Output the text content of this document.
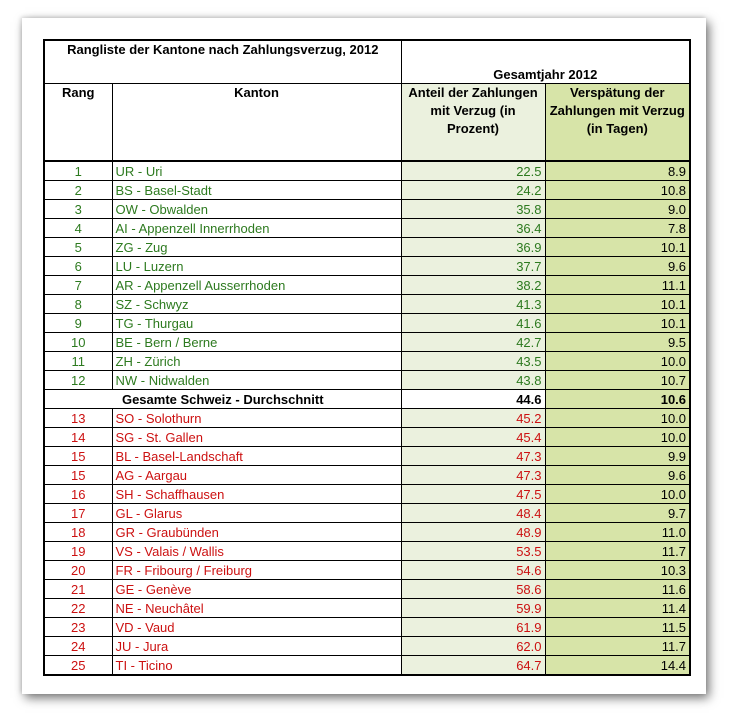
Rangliste der Kantone nach Zahlungsverzug, 2012		Gesamtjahr 2012	
Rang	Kanton	Anteil der Zahlungen mit Verzug (in Prozent)	Verspätung der Zahlungen mit Verzug (in Tagen)
1	UR - Uri	22.5	8.9
2	BS - Basel-Stadt	24.2	10.8
3	OW - Obwalden	35.8	9.0
4	AI - Appenzell Innerrhoden	36.4	7.8
5	ZG - Zug	36.9	10.1
6	LU - Luzern	37.7	9.6
7	AR - Appenzell Ausserrhoden	38.2	11.1
8	SZ - Schwyz	41.3	10.1
9	TG - Thurgau	41.6	10.1
10	BE - Bern / Berne	42.7	9.5
11	ZH - Zürich	43.5	10.0
12	NW - Nidwalden	43.8	10.7
Gesamte Schweiz - Durchschnitt		44.6	10.6
13	SO - Solothurn	45.2	10.0
14	SG - St. Gallen	45.4	10.0
15	BL - Basel-Landschaft	47.3	9.9
15	AG - Aargau	47.3	9.6
16	SH - Schaffhausen	47.5	10.0
17	GL - Glarus	48.4	9.7
18	GR - Graubünden	48.9	11.0
19	VS - Valais / Wallis	53.5	11.7
20	FR - Fribourg / Freiburg	54.6	10.3
21	GE - Genève	58.6	11.6
22	NE - Neuchâtel	59.9	11.4
23	VD - Vaud	61.9	11.5
24	JU - Jura	62.0	11.7
25	TI - Ticino	64.7	14.4
